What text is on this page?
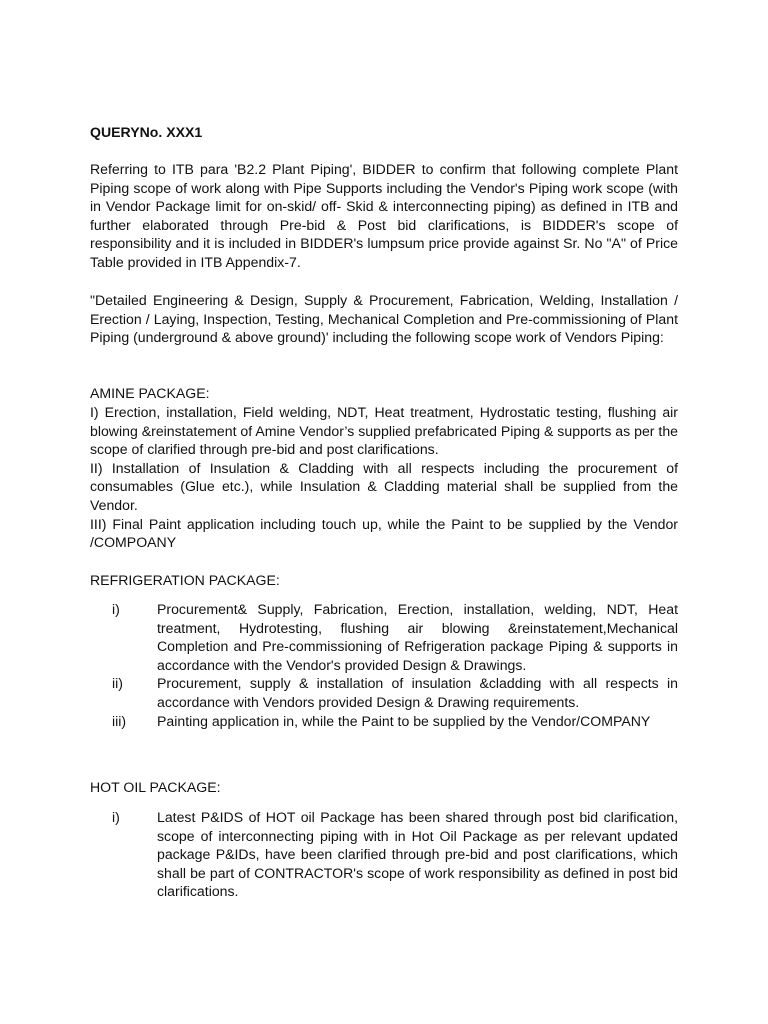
QUERYNo. XXX1

Referring to ITB para 'B2.2 Plant Piping', BIDDER to confirm that following complete Plant Piping scope of work along with Pipe Supports including the Vendor's Piping work scope (with in Vendor Package limit for on-skid/ off- Skid & interconnecting piping) as defined in ITB and further elaborated through Pre-bid & Post bid clarifications, is BIDDER's scope of responsibility and it is included in BIDDER's lumpsum price provide against Sr. No "A" of Price Table provided in ITB Appendix-7.

"Detailed Engineering & Design, Supply & Procurement, Fabrication, Welding, Installation / Erection / Laying, Inspection, Testing, Mechanical Completion and Pre-commissioning of Plant Piping (underground & above ground)' including the following scope work of Vendors Piping:

AMINE PACKAGE:

I) Erection, installation, Field welding, NDT, Heat treatment, Hydrostatic testing, flushing air blowing &reinstatement of Amine Vendor’s supplied prefabricated Piping & supports as per the scope of clarified through pre-bid and post clarifications.
II) Installation of Insulation & Cladding with all respects including the procurement of consumables (Glue etc.), while Insulation & Cladding material shall be supplied from the Vendor.
III) Final Paint application including touch up, while the Paint to be supplied by the Vendor /COMPOANY

REFRIGERATION PACKAGE:

i)	Procurement& Supply, Fabrication, Erection, installation, welding, NDT, Heat treatment, Hydrotesting, flushing air blowing &reinstatement,Mechanical Completion and Pre-commissioning of Refrigeration package Piping & supports in accordance with the Vendor's provided Design & Drawings.
ii) Procurement, supply & installation of insulation &cladding with all respects in accordance with Vendors provided Design & Drawing requirements.
iii) Painting application in, while the Paint to be supplied by the Vendor/COMPANY

HOT OIL PACKAGE:

i)	Latest P&IDS of HOT oil Package has been shared through post bid clarification, scope of interconnecting piping with in Hot Oil Package as per relevant updated package P&IDs, have been clarified through pre-bid and post clarifications, which shall be part of CONTRACTOR's scope of work responsibility as defined in post bid clarifications.
